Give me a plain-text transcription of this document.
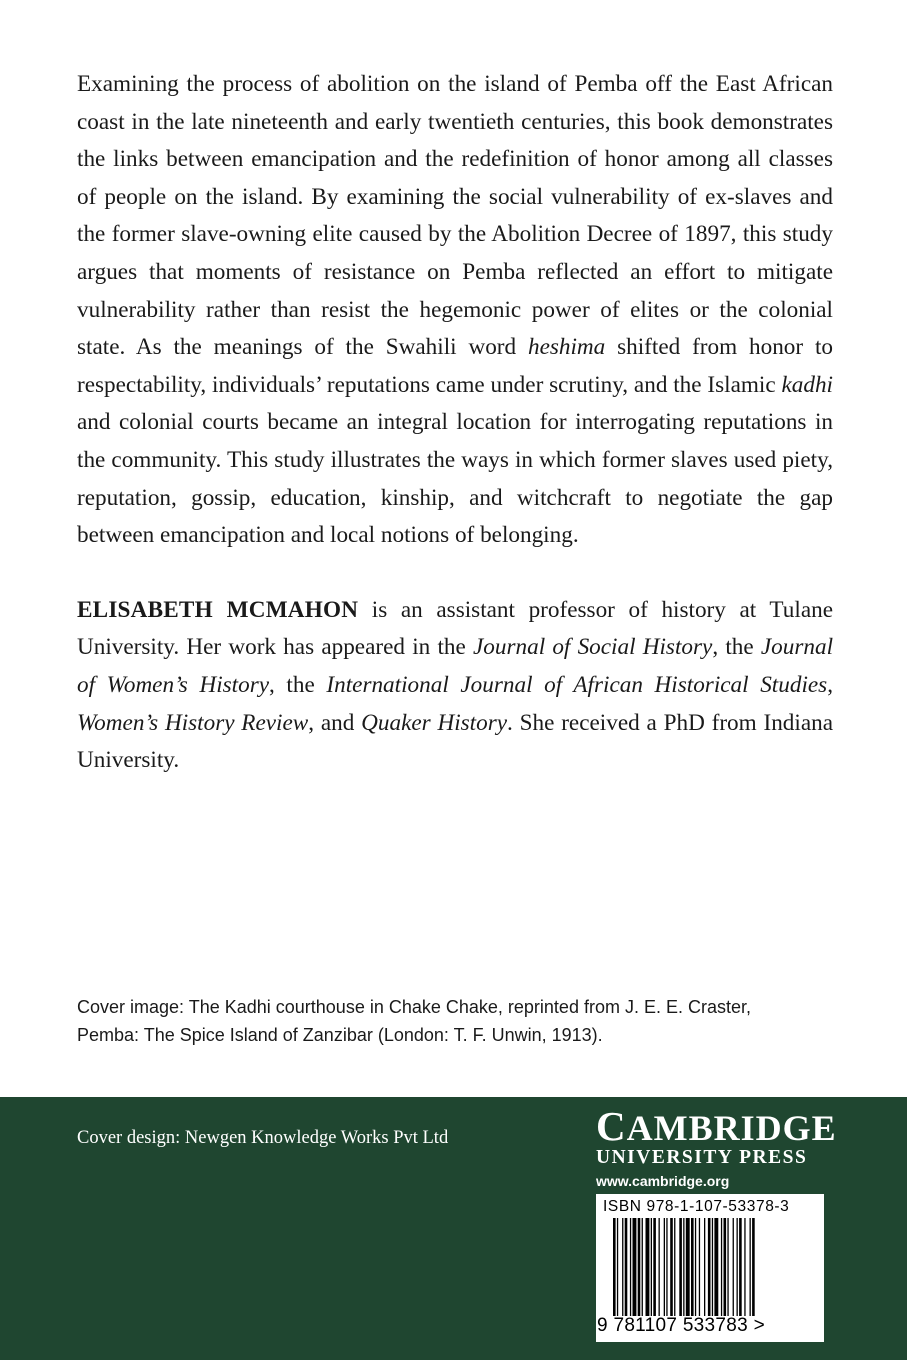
Examining the process of abolition on the island of Pemba off the East African coast in the late nineteenth and early twentieth centuries, this book demonstrates the links between emancipation and the redefinition of honor among all classes of people on the island. By examining the social vulnerability of ex-slaves and the former slave-owning elite caused by the Abolition Decree of 1897, this study argues that moments of resistance on Pemba reflected an effort to mitigate vulnerability rather than resist the hegemonic power of elites or the colonial state. As the meanings of the Swahili word heshima shifted from honor to respectability, individuals’ reputations came under scrutiny, and the Islamic kadhi and colonial courts became an integral location for interrogating reputations in the community. This study illustrates the ways in which former slaves used piety, reputation, gossip, education, kinship, and witchcraft to negotiate the gap between emancipation and local notions of belonging.

ELISABETH MCMAHON is an assistant professor of history at Tulane University. Her work has appeared in the Journal of Social History, the Journal of Women’s History, the International Journal of African Historical Studies, Women’s History Review, and Quaker History. She received a PhD from Indiana University.

Cover image: The Kadhi courthouse in Chake Chake, reprinted from J. E. E. Craster,
Pemba: The Spice Island of Zanzibar (London: T. F. Unwin, 1913).
Cover design: Newgen Knowledge Works Pvt Ltd	CAMBRIDGE
UNIVERSITY PRESS
www.cambridge.org
ISBN 978-1-107-53378-3
9 781107 533783 >
